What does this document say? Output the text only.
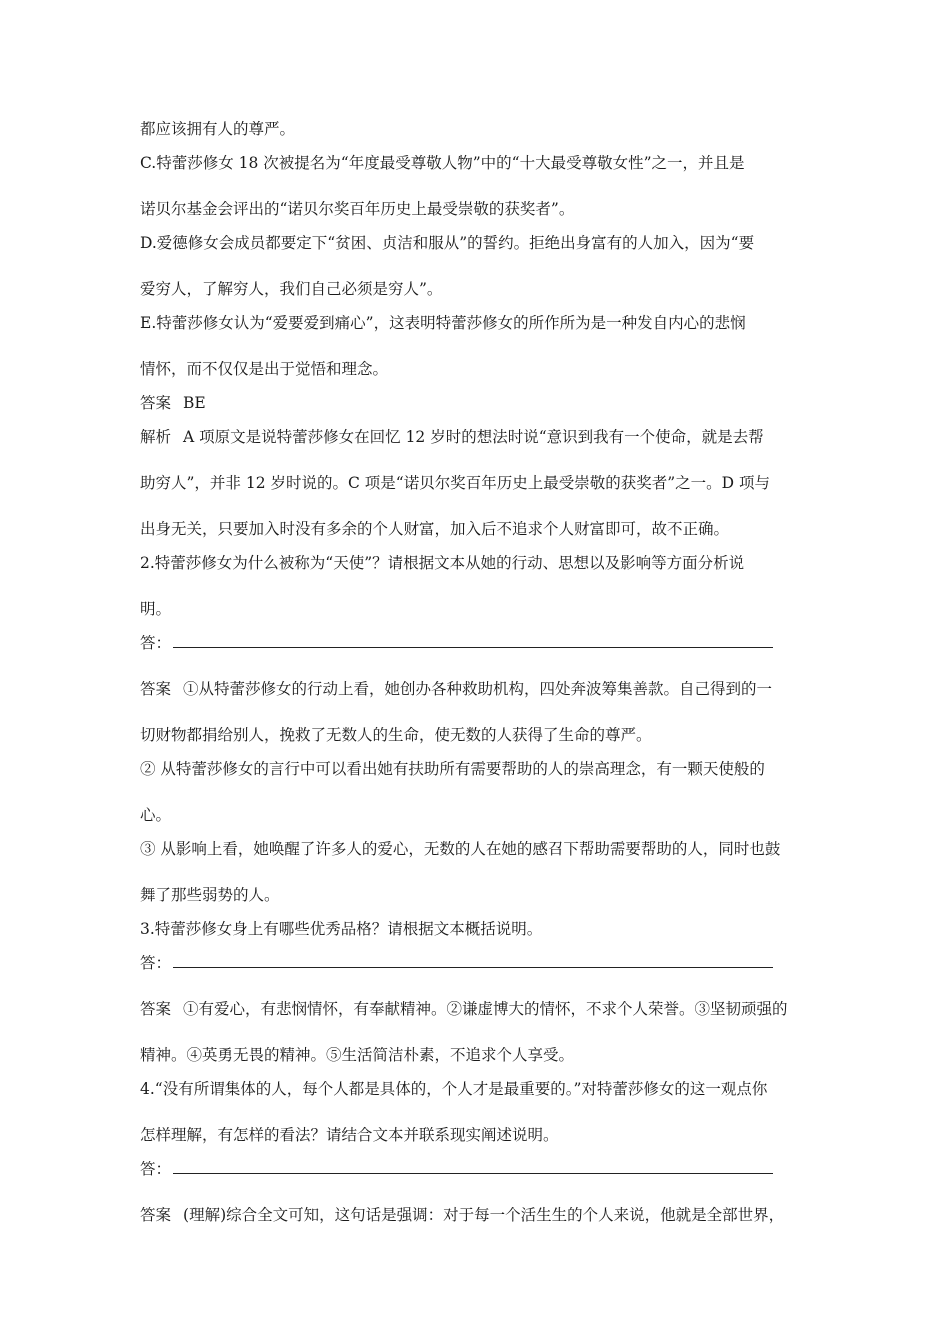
都应该拥有人的尊严。
C.特蕾莎修女 18 次被提名为“年度最受尊敬人物”中的“十大最受尊敬女性”之一，并且是
诺贝尔基金会评出的“诺贝尔奖百年历史上最受崇敬的获奖者”。
D.爱德修女会成员都要定下“贫困、贞洁和服从”的誓约。拒绝出身富有的人加入，因为“要
爱穷人，了解穷人，我们自己必须是穷人”。
E.特蕾莎修女认为“爱要爱到痛心”，这表明特蕾莎修女的所作所为是一种发自内心的悲悯
情怀，而不仅仅是出于觉悟和理念。
答案 BE
解析 A 项原文是说特蕾莎修女在回忆 12 岁时的想法时说“意识到我有一个使命，就是去帮
助穷人”，并非 12 岁时说的。C 项是“诺贝尔奖百年历史上最受崇敬的获奖者”之一。D 项与
出身无关，只要加入时没有多余的个人财富，加入后不追求个人财富即可，故不正确。
2.特蕾莎修女为什么被称为“天使”？请根据文本从她的行动、思想以及影响等方面分析说
明。
答：
答案 ①从特蕾莎修女的行动上看，她创办各种救助机构，四处奔波筹集善款。自己得到的一
切财物都捐给别人，挽救了无数人的生命，使无数的人获得了生命的尊严。
② 从特蕾莎修女的言行中可以看出她有扶助所有需要帮助的人的崇高理念，有一颗天使般的
心。
③ 从影响上看，她唤醒了许多人的爱心，无数的人在她的感召下帮助需要帮助的人，同时也鼓
舞了那些弱势的人。
3.特蕾莎修女身上有哪些优秀品格？请根据文本概括说明。
答：
答案 ①有爱心，有悲悯情怀，有奉献精神。②谦虚博大的情怀，不求个人荣誉。③坚韧顽强的
精神。④英勇无畏的精神。⑤生活简洁朴素，不追求个人享受。
4.“没有所谓集体的人，每个人都是具体的，个人才是最重要的。”对特蕾莎修女的这一观点你
怎样理解，有怎样的看法？请结合文本并联系现实阐述说明。
答：
答案 (理解)综合全文可知，这句话是强调：对于每一个活生生的个人来说，他就是全部世界，
